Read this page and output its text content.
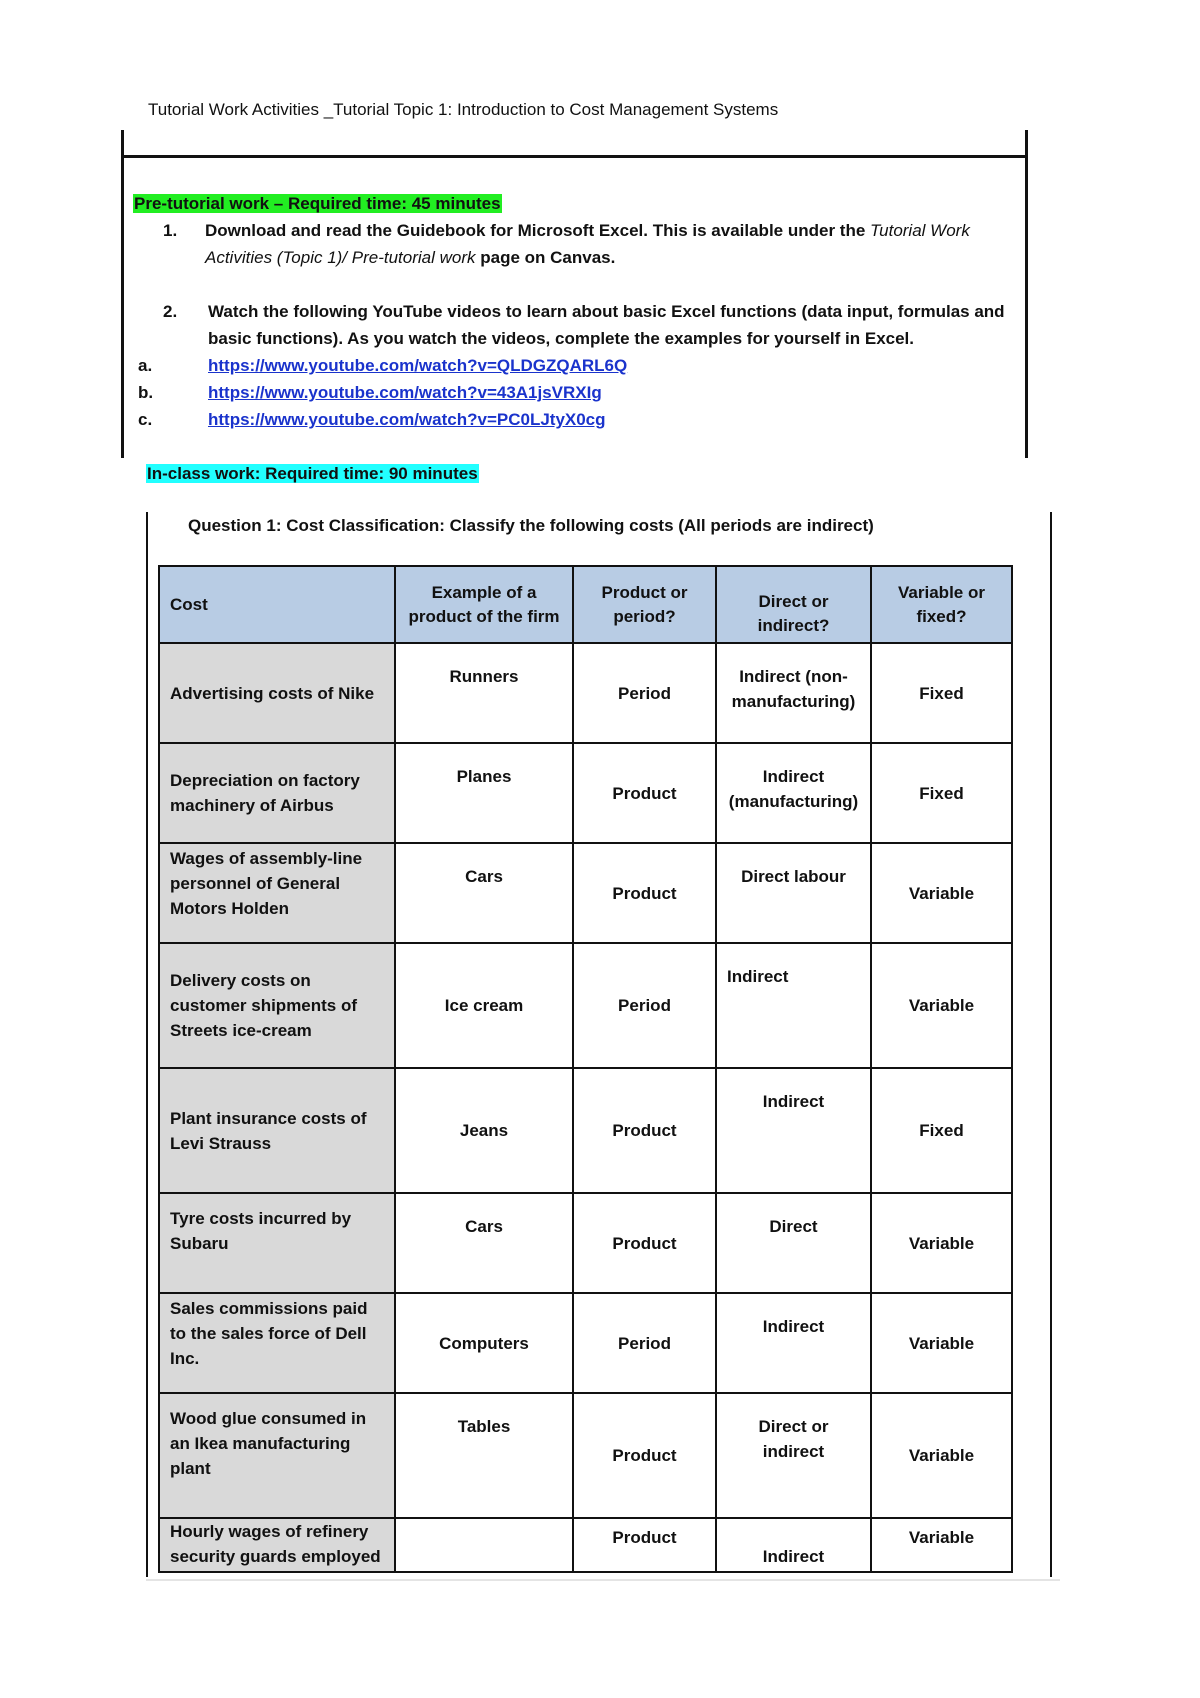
Tutorial Work Activities _Tutorial Topic 1: Introduction to Cost Management Systems
Pre-tutorial work – Required time: 45 minutes
1. Download and read the Guidebook for Microsoft Excel. This is available under the Tutorial Work Activities (Topic 1)/ Pre-tutorial work page on Canvas.
2. Watch the following YouTube videos to learn about basic Excel functions (data input, formulas and basic functions). As you watch the videos, complete the examples for yourself in Excel.
a.	https://www.youtube.com/watch?v=QLDGZQARL6Q
b.	https://www.youtube.com/watch?v=43A1jsVRXIg
c.	https://www.youtube.com/watch?v=PC0LJtyX0cg
In-class work: Required time: 90 minutes
Question 1: Cost Classification: Classify the following costs (All periods are indirect)
Cost	Example of a product of the firm	Product or period?	Direct or indirect?	Variable or fixed?
Advertising costs of Nike	Runners	Period	Indirect (non-manufacturing)	Fixed
Depreciation on factory machinery of Airbus	Planes	Product	Indirect (manufacturing)	Fixed
Wages of assembly-line personnel of General Motors Holden	Cars	Product	Direct labour	Variable
Delivery costs on customer shipments of Streets ice-cream	Ice cream	Period	Indirect	Variable
Plant insurance costs of Levi Strauss	Jeans	Product	Indirect	Fixed
Tyre costs incurred by Subaru	Cars	Product	Direct	Variable
Sales commissions paid to the sales force of Dell Inc.	Computers	Period	Indirect	Variable
Wood glue consumed in an Ikea manufacturing plant	Tables	Product	Direct or indirect	Variable
Hourly wages of refinery security guards employed		Product	Indirect	Variable
